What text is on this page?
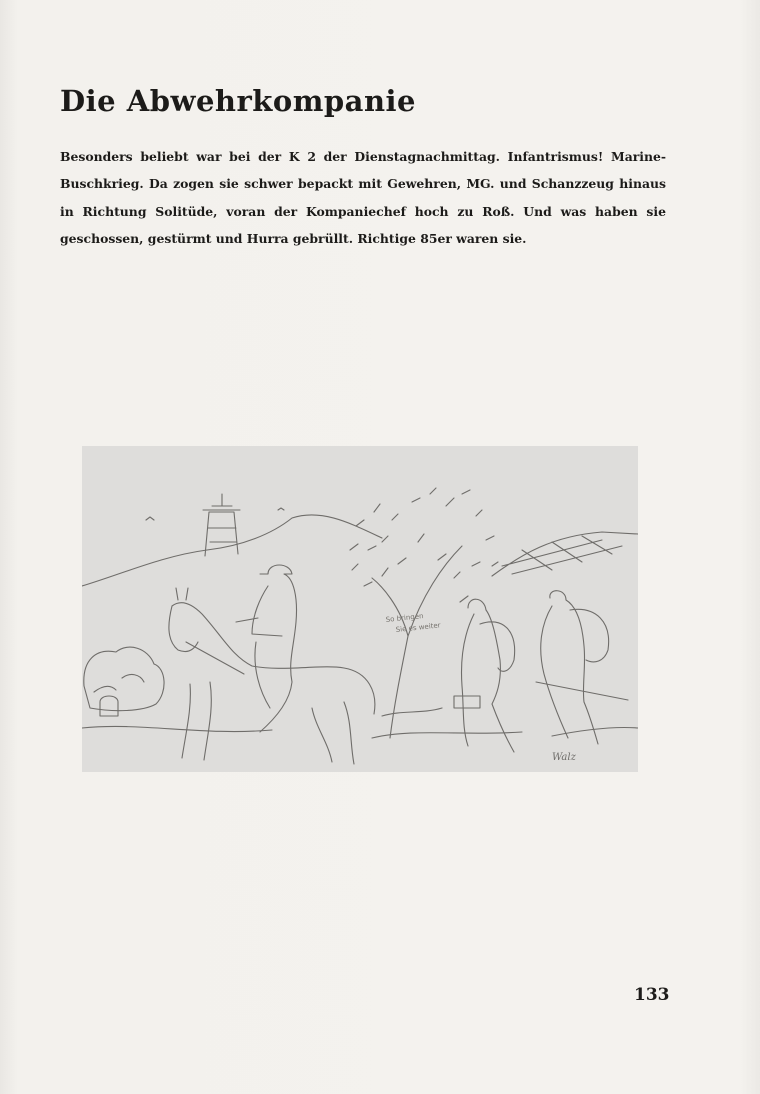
Die Abwehrkompanie

Besonders beliebt war bei der K 2 der Dienstagnachmittag. Infantrismus! Marine-Buschkrieg. Da zogen sie schwer bepackt mit Gewehren, MG. und Schanzzeug hinaus in Richtung Solitüde, voran der Kompaniechef hoch zu Roß. Und was haben sie geschossen, gestürmt und Hurra gebrüllt. Richtige 85er waren sie.

So bringen
Sie es weiter
Walz
133
